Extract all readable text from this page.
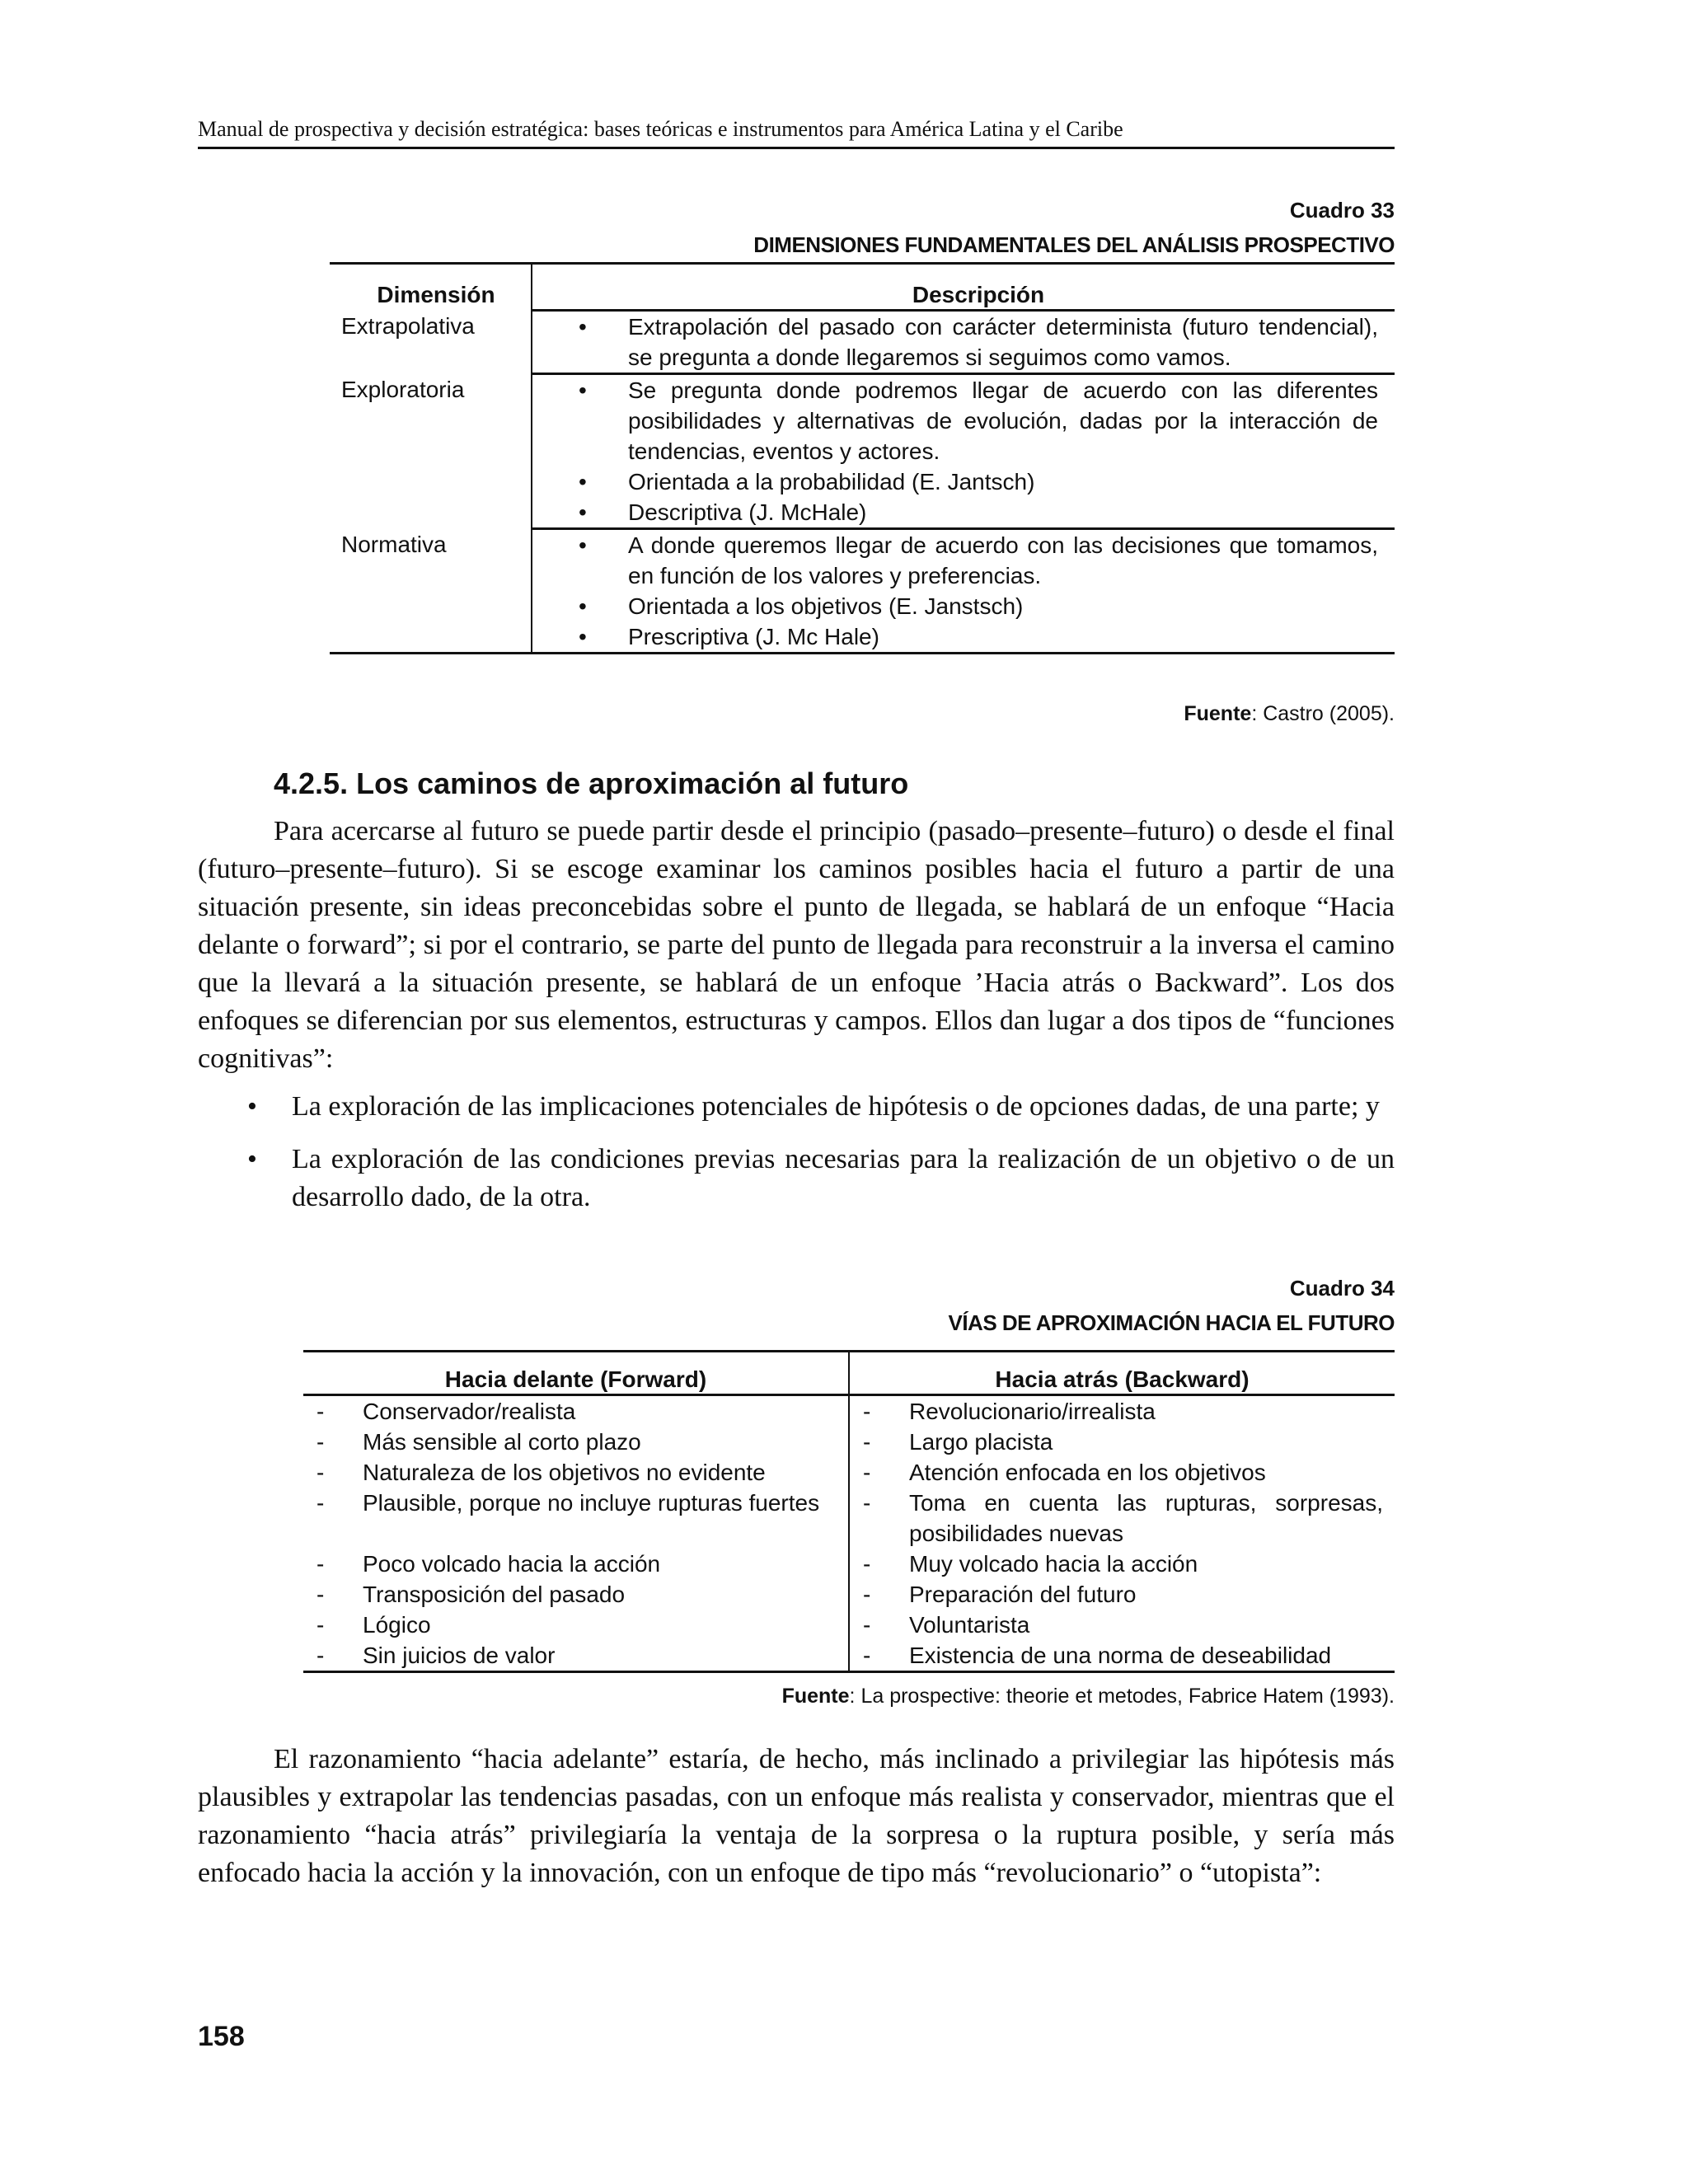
Manual de prospectiva y decisión estratégica: bases teóricas e instrumentos para América Latina y el Caribe
Cuadro 33
DIMENSIONES FUNDAMENTALES DEL ANÁLISIS PROSPECTIVO
Dimensión	Descripción
Extrapolativa	• Extrapolación del pasado con carácter determinista (futuro tendencial), se pregunta a donde llegaremos si seguimos como vamos.

Exploratoria	• Se pregunta donde podremos llegar de acuerdo con las diferentes posibilidades y alternativas de evolución, dadas por la interacción de tendencias, eventos y actores.
• Orientada a la probabilidad (E. Jantsch)
• Descriptiva (J. McHale)

Normativa	• A donde queremos llegar de acuerdo con las decisiones que tomamos, en función de los valores y preferencias.
• Orientada a los objetivos (E. Janstsch)
• Prescriptiva (J. Mc Hale)
Fuente: Castro (2005).
4.2.5. Los caminos de aproximación al futuro

Para acercarse al futuro se puede partir desde el principio (pasado–presente–futuro) o desde el final (futuro–presente–futuro). Si se escoge examinar los caminos posibles hacia el futuro a partir de una situación presente, sin ideas preconcebidas sobre el punto de llegada, se hablará de un enfoque “Hacia delante o forward”; si por el contrario, se parte del punto de llegada para reconstruir a la inversa el camino que la llevará a la situación presente, se hablará de un enfoque ’Hacia atrás o Backward”. Los dos enfoques se diferencian por sus elementos, estructuras y campos. Ellos dan lugar a dos tipos de “funciones cognitivas”:

• La exploración de las implicaciones potenciales de hipótesis o de opciones dadas, de una parte; y
• La exploración de las condiciones previas necesarias para la realización de un objetivo o de un desarrollo dado, de la otra.
Cuadro 34
VÍAS DE APROXIMACIÓN HACIA EL FUTURO
Hacia delante (Forward)	Hacia atrás (Backward)

- Conservador/realista	- Revolucionario/irrealista

- Más sensible al corto plazo	- Largo placista

- Naturaleza de los objetivos no evidente	- Atención enfocada en los objetivos

- Plausible, porque no incluye rupturas fuertes	- Toma en cuenta las rupturas, sorpresas, posibilidades nuevas

- Poco volcado hacia la acción	- Muy volcado hacia la acción

- Transposición del pasado	- Preparación del futuro

- Lógico	- Voluntarista

- Sin juicios de valor	- Existencia de una norma de deseabilidad
Fuente: La prospective: theorie et metodes, Fabrice Hatem (1993).

El razonamiento “hacia adelante” estaría, de hecho, más inclinado a privilegiar las hipótesis más plausibles y extrapolar las tendencias pasadas, con un enfoque más realista y conservador, mientras que el razonamiento “hacia atrás” privilegiaría la ventaja de la sorpresa o la ruptura posible, y sería más enfocado hacia la acción y la innovación, con un enfoque de tipo más “revolucionario” o “utopista”:

158
